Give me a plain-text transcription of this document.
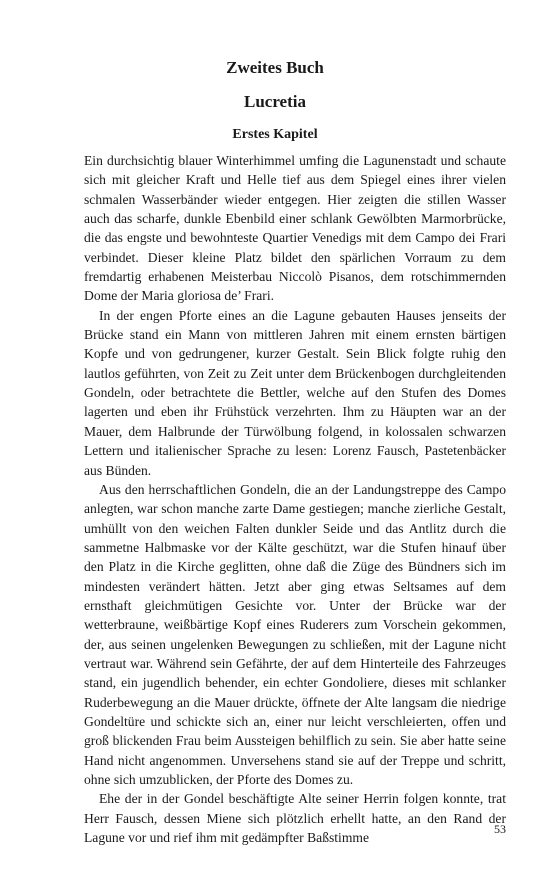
Zweites Buch
Lucretia
Erstes Kapitel

Ein durchsichtig blauer Winterhimmel umfing die Lagunenstadt und schaute sich mit gleicher Kraft und Helle tief aus dem Spiegel eines ihrer vielen schmalen Wasserbänder wieder entgegen. Hier zeigten die stillen Wasser auch das scharfe, dunkle Ebenbild einer schlank Gewölbten Marmorbrücke, die das engste und bewohnteste Quartier Venedigs mit dem Campo dei Frari verbindet. Dieser kleine Platz bildet den spärlichen Vorraum zu dem fremdartig erhabenen Meisterbau Niccolò Pisanos, dem rotschimmernden Dome der Maria gloriosa de’ Frari.

In der engen Pforte eines an die Lagune gebauten Hauses jenseits der Brücke stand ein Mann von mittleren Jahren mit einem ernsten bärtigen Kopfe und von gedrungener, kurzer Gestalt. Sein Blick folgte ruhig den lautlos geführten, von Zeit zu Zeit unter dem Brückenbogen durchgleitenden Gondeln, oder betrachtete die Bettler, welche auf den Stufen des Domes lagerten und eben ihr Frühstück verzehrten. Ihm zu Häupten war an der Mauer, dem Halbrunde der Türwölbung folgend, in kolossalen schwarzen Lettern und italienischer Sprache zu lesen: Lorenz Fausch, Pastetenbäcker aus Bünden.

Aus den herrschaftlichen Gondeln, die an der Landungstreppe des Campo anlegten, war schon manche zarte Dame gestiegen; manche zierliche Gestalt, umhüllt von den weichen Falten dunkler Seide und das Antlitz durch die sammetne Halbmaske vor der Kälte geschützt, war die Stufen hinauf über den Platz in die Kirche geglitten, ohne daß die Züge des Bündners sich im mindesten verändert hätten. Jetzt aber ging etwas Seltsames auf dem ernsthaft gleichmütigen Gesichte vor. Unter der Brücke war der wetterbraune, weißbärtige Kopf eines Ruderers zum Vorschein gekommen, der, aus seinen ungelenken Bewegungen zu schließen, mit der Lagune nicht vertraut war. Während sein Gefährte, der auf dem Hinterteile des Fahrzeuges stand, ein jugendlich behender, ein echter Gondoliere, dieses mit schlanker Ruderbewegung an die Mauer drückte, öffnete der Alte langsam die niedrige Gondeltüre und schickte sich an, einer nur leicht verschleierten, offen und groß blickenden Frau beim Aussteigen behilflich zu sein. Sie aber hatte seine Hand nicht angenommen. Unversehens stand sie auf der Treppe und schritt, ohne sich umzublicken, der Pforte des Domes zu.

Ehe der in der Gondel beschäftigte Alte seiner Herrin folgen konnte, trat Herr Fausch, dessen Miene sich plötzlich erhellt hatte, an den Rand der Lagune vor und rief ihm mit gedämpfter Baßstimme

53
